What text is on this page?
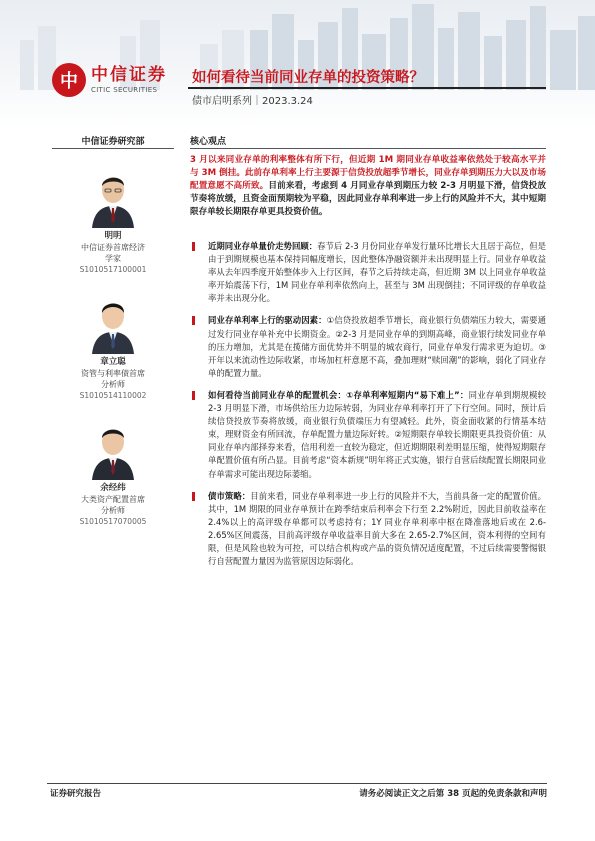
中 中信证券
CITIC SECURITIES
如何看待当前同业存单的投资策略？
债市启明系列｜2023.3.24
中信证券研究部	核心观点
明明
中信证券首席经济
学家
S1010517100001
章立聪
资管与利率债首席
分析师
S1010514110002
余经纬
大类资产配置首席
分析师
S1010517070005
3 月以来同业存单的利率整体有所下行，但近期 1M 期同业存单收益率依然处于较高水平并与 3M 倒挂。此前存单利率上行主要源于信贷投放超季节增长，同业存单到期压力大以及市场配置意愿不高所致。目前来看，考虑到 4 月同业存单到期压力较 2-3 月明显下滑，信贷投放节奏将放缓，且资金面预期较为平稳，因此同业存单利率进一步上行的风险并不大，其中短期限存单较长期限存单更具投资价值。
近期同业存单量价走势回顾：春节后 2-3 月份同业存单发行量环比增长大且居于高位，但是由于到期规模也基本保持同幅度增长，因此整体净融资额并未出现明显上行。同业存单收益率从去年四季度开始整体步入上行区间，春节之后持续走高，但近期 3M 以上同业存单收益率开始震荡下行，1M 同业存单利率依然向上，甚至与 3M 出现倒挂；不同评级的存单收益率并未出现分化。
同业存单利率上行的驱动因素：①信贷投放超季节增长，商业银行负债端压力较大，需要通过发行同业存单补充中长期资金。②2-3 月是同业存单的到期高峰，商业银行续发同业存单的压力增加，尤其是在揽储方面优势并不明显的城农商行，同业存单发行需求更为迫切。③开年以来流动性边际收紧，市场加杠杆意愿不高，叠加理财“赎回潮”的影响，弱化了同业存单的配置力量。
如何看待当前同业存单的配置机会：①存单利率短期内“易下难上”：同业存单到期规模较 2-3 月明显下滑，市场供给压力边际转弱，为同业存单利率打开了下行空间。同时，预计后续信贷投放节奏将放缓，商业银行负债端压力有望减轻。此外，资金面收紧的行情基本结束，理财资金有所回流，存单配置力量边际好转。②短期限存单较长期限更具投资价值：从同业存单内部择券来看，信用利差一直较为稳定，但近期期限利差明显压缩，使得短期限存单配置价值有所凸显。目前考虑“资本新规”明年将正式实施，银行自营后续配置长期限同业存单需求可能出现边际萎缩。
债市策略：目前来看，同业存单利率进一步上行的风险并不大，当前具备一定的配置价值。其中，1M 期限的同业存单预计在跨季结束后利率会下行至 2.2%附近，因此目前收益率在 2.4%以上的高评级存单都可以考虑持有；1Y 同业存单利率中枢在降准落地后或在 2.6-2.65%区间震荡，目前高评级存单收益率目前大多在 2.65-2.7%区间，资本利得的空间有限，但是风险也较为可控，可以结合机构或产品的资负情况适度配置，不过后续需要警惕银行自营配置力量因为监管原因边际弱化。
证券研究报告	请务必阅读正文之后第 38 页起的免责条款和声明
